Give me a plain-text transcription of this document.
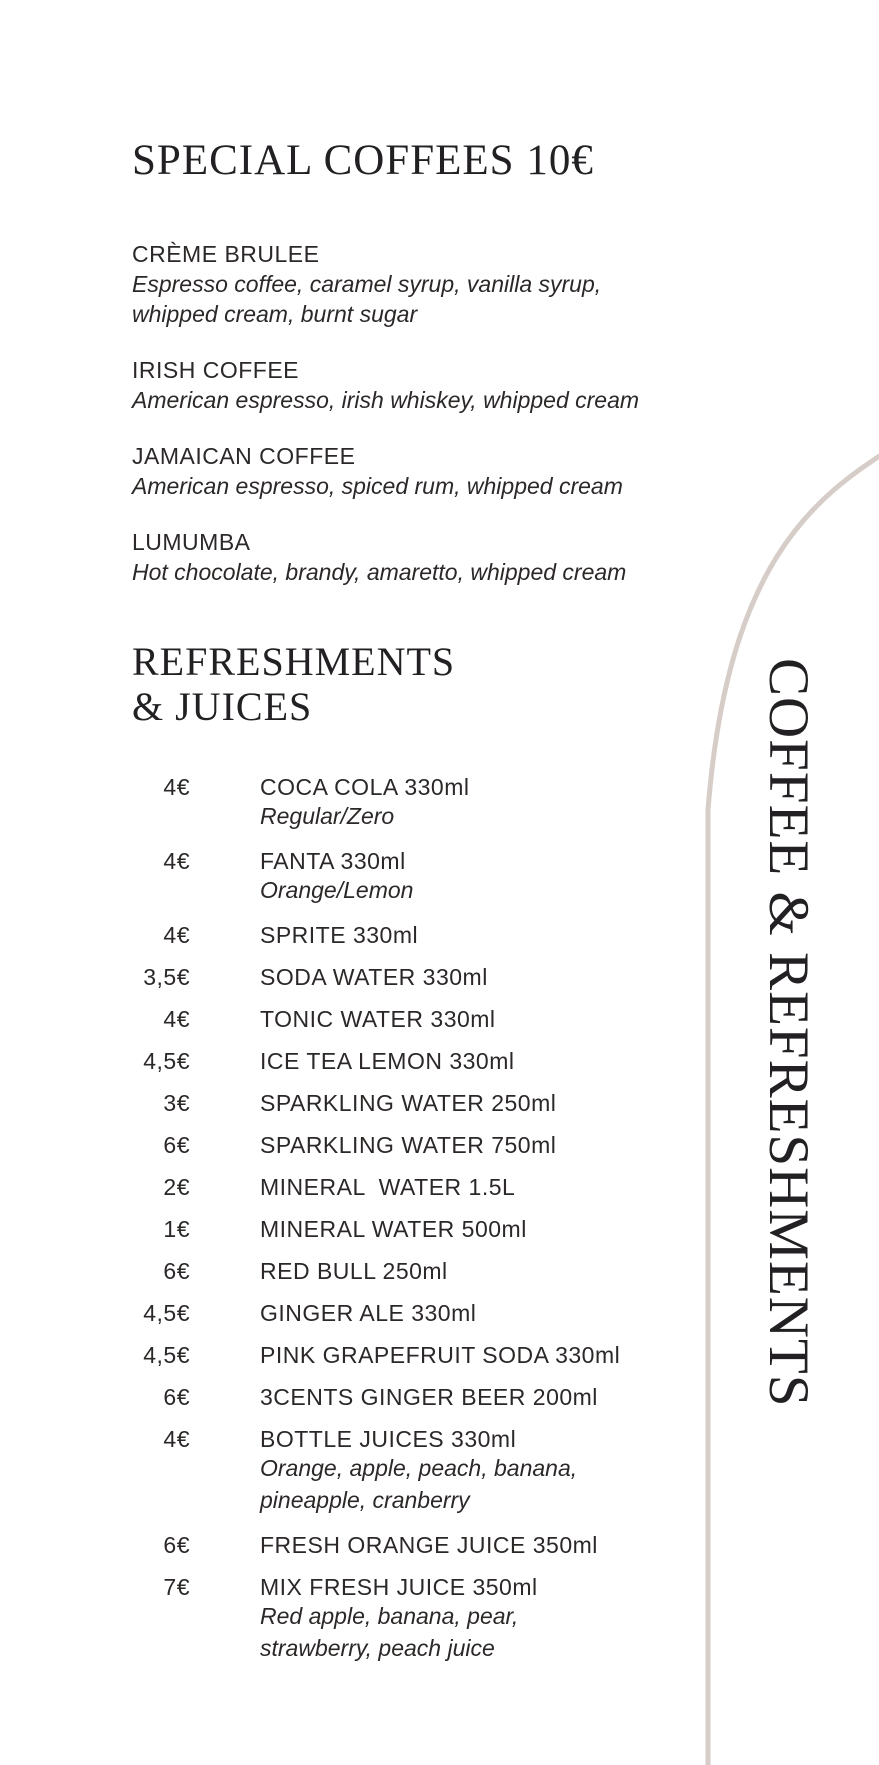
COFFEE & REFRESHMENTS
SPECIAL COFFEES 10€
CRÈME BRULEE
Espresso coffee, caramel syrup, vanilla syrup,
whipped cream, burnt sugar
IRISH COFFEE
American espresso, irish whiskey, whipped cream
JAMAICAN COFFEE
American espresso, spiced rum, whipped cream
LUMUMBA
Hot chocolate, brandy, amaretto, whipped cream
REFRESHMENTS
& JUICES
4€	COCA COLA 330ml
Regular/Zero
4€	FANTA 330ml
Orange/Lemon
4€	SPRITE 330ml
3,5€	SODA WATER 330ml
4€	TONIC WATER 330ml
4,5€	ICE TEA LEMON 330ml
3€	SPARKLING WATER 250ml
6€	SPARKLING WATER 750ml
2€	MINERAL  WATER 1.5L
1€	MINERAL WATER 500ml
6€	RED BULL 250ml
4,5€	GINGER ALE 330ml
4,5€	PINK GRAPEFRUIT SODA 330ml
6€	3CENTS GINGER BEER 200ml
4€	BOTTLE JUICES 330ml
Orange, apple, peach, banana,
pineapple, cranberry
6€	FRESH ORANGE JUICE 350ml
7€	MIX FRESH JUICE 350ml
Red apple, banana, pear,
strawberry, peach juice
